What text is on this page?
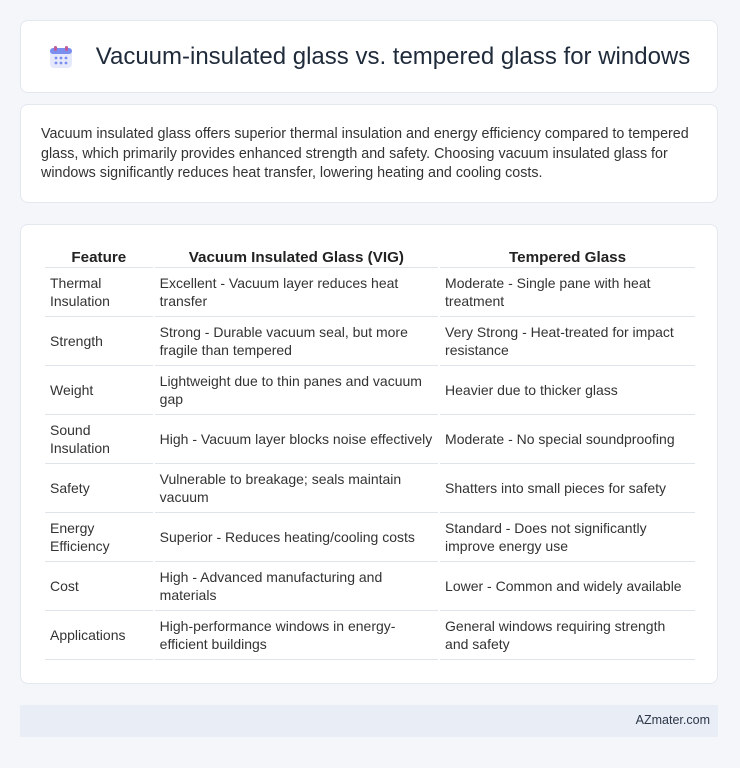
Vacuum-insulated glass vs. tempered glass for windows
Vacuum insulated glass offers superior thermal insulation and energy efficiency compared to tempered glass, which primarily provides enhanced strength and safety. Choosing vacuum insulated glass for windows significantly reduces heat transfer, lowering heating and cooling costs.
Feature	Vacuum Insulated Glass (VIG)	Tempered Glass
Thermal Insulation	Excellent - Vacuum layer reduces heat transfer	Moderate - Single pane with heat treatment
Strength	Strong - Durable vacuum seal, but more fragile than tempered	Very Strong - Heat-treated for impact resistance
Weight	Lightweight due to thin panes and vacuum gap	Heavier due to thicker glass
Sound Insulation	High - Vacuum layer blocks noise effectively	Moderate - No special soundproofing
Safety	Vulnerable to breakage; seals maintain vacuum	Shatters into small pieces for safety
Energy Efficiency	Superior - Reduces heating/cooling costs	Standard - Does not significantly improve energy use
Cost	High - Advanced manufacturing and materials	Lower - Common and widely available
Applications	High-performance windows in energy-efficient buildings	General windows requiring strength and safety
AZmater.com
